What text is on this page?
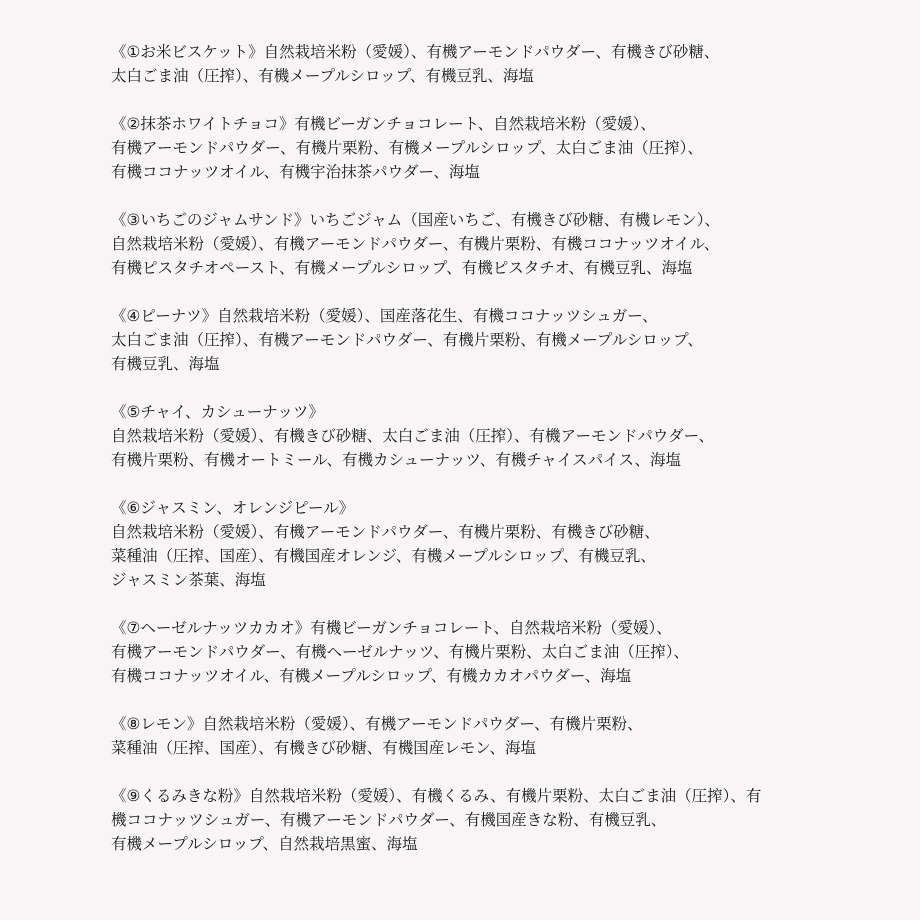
《①お米ビスケット》自然栽培米粉（愛媛）、有機アーモンドパウダー、有機きび砂糖、
太白ごま油（圧搾）、有機メープルシロップ、有機豆乳、海塩
《②抹茶ホワイトチョコ》有機ビーガンチョコレート、自然栽培米粉（愛媛）、
有機アーモンドパウダー、有機片栗粉、有機メープルシロップ、太白ごま油（圧搾）、
有機ココナッツオイル、有機宇治抹茶パウダー、海塩
《③いちごのジャムサンド》いちごジャム（国産いちご、有機きび砂糖、有機レモン）、
自然栽培米粉（愛媛）、有機アーモンドパウダー、有機片栗粉、有機ココナッツオイル、
有機ピスタチオペースト、有機メープルシロップ、有機ピスタチオ、有機豆乳、海塩
《④ピーナツ》自然栽培米粉（愛媛）、国産落花生、有機ココナッツシュガー、
太白ごま油（圧搾）、有機アーモンドパウダー、有機片栗粉、有機メープルシロップ、
有機豆乳、海塩
《⑤チャイ、カシューナッツ》
自然栽培米粉（愛媛）、有機きび砂糖、太白ごま油（圧搾）、有機アーモンドパウダー、
有機片栗粉、有機オートミール、有機カシューナッツ、有機チャイスパイス、海塩
《⑥ジャスミン、オレンジピール》
自然栽培米粉（愛媛）、有機アーモンドパウダー、有機片栗粉、有機きび砂糖、
菜種油（圧搾、国産）、有機国産オレンジ、有機メープルシロップ、有機豆乳、
ジャスミン茶葉、海塩
《⑦ヘーゼルナッツカカオ》有機ビーガンチョコレート、自然栽培米粉（愛媛）、
有機アーモンドパウダー、有機ヘーゼルナッツ、有機片栗粉、太白ごま油（圧搾）、
有機ココナッツオイル、有機メープルシロップ、有機カカオパウダー、海塩
《⑧レモン》自然栽培米粉（愛媛）、有機アーモンドパウダー、有機片栗粉、
菜種油（圧搾、国産）、有機きび砂糖、有機国産レモン、海塩
《⑨くるみきな粉》自然栽培米粉（愛媛）、有機くるみ、有機片栗粉、太白ごま油（圧搾）、有
機ココナッツシュガー、有機アーモンドパウダー、有機国産きな粉、有機豆乳、
有機メープルシロップ、自然栽培黒蜜、海塩
